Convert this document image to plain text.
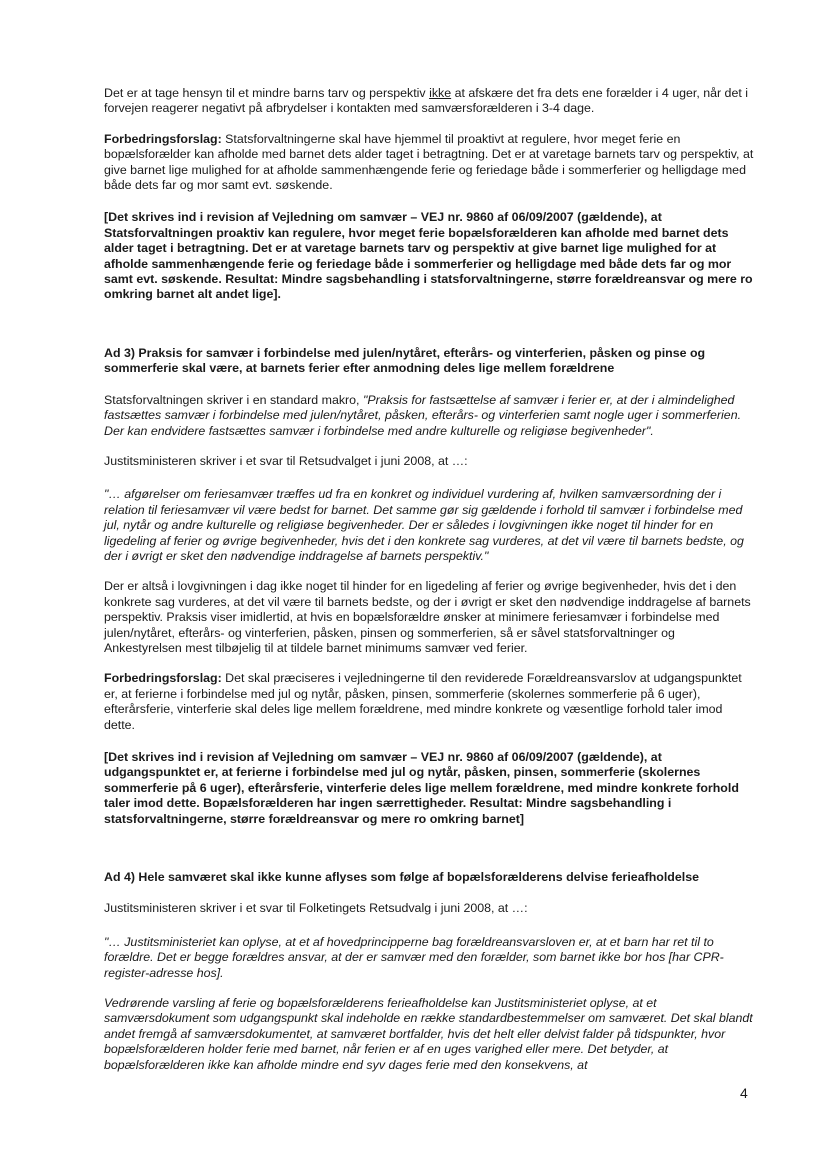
Det er at tage hensyn til et mindre barns tarv og perspektiv ikke at afskære det fra dets ene forælder i 4 uger, når det i forvejen reagerer negativt på afbrydelser i kontakten med samværsforælderen i 3-4 dage.

Forbedringsforslag: Statsforvaltningerne skal have hjemmel til proaktivt at regulere, hvor meget ferie en bopælsforælder kan afholde med barnet dets alder taget i betragtning. Det er at varetage barnets tarv og perspektiv, at give barnet lige mulighed for at afholde sammenhængende ferie og feriedage både i sommerferier og helligdage med både dets far og mor samt evt. søskende.

[Det skrives ind i revision af Vejledning om samvær – VEJ nr. 9860 af 06/09/2007 (gældende), at Statsforvaltningen proaktiv kan regulere, hvor meget ferie bopælsforælderen kan afholde med barnet dets alder taget i betragtning. Det er at varetage barnets tarv og perspektiv at give barnet lige mulighed for at afholde sammenhængende ferie og feriedage både i sommerferier og helligdage med både dets far og mor samt evt. søskende. Resultat: Mindre sagsbehandling i statsforvaltningerne, større forældreansvar og mere ro omkring barnet alt andet lige].

Ad 3) Praksis for samvær i forbindelse med julen/nytåret, efterårs- og vinterferien, påsken og pinse og sommerferie skal være, at barnets ferier efter anmodning deles lige mellem forældrene

Statsforvaltningen skriver i en standard makro, "Praksis for fastsættelse af samvær i ferier er, at der i almindelighed fastsættes samvær i forbindelse med julen/nytåret, påsken, efterårs- og vinterferien samt nogle uger i sommerferien. Der kan endvidere fastsættes samvær i forbindelse med andre kulturelle og religiøse begivenheder".

Justitsministeren skriver i et svar til Retsudvalget i juni 2008, at …:

"… afgørelser om feriesamvær træffes ud fra en konkret og individuel vurdering af, hvilken samværsordning der i relation til feriesamvær vil være bedst for barnet. Det samme gør sig gældende i forhold til samvær i forbindelse med jul, nytår og andre kulturelle og religiøse begivenheder. Der er således i lovgivningen ikke noget til hinder for en ligedeling af ferier og øvrige begivenheder, hvis det i den konkrete sag vurderes, at det vil være til barnets bedste, og der i øvrigt er sket den nødvendige inddragelse af barnets perspektiv."

Der er altså i lovgivningen i dag ikke noget til hinder for en ligedeling af ferier og øvrige begivenheder, hvis det i den konkrete sag vurderes, at det vil være til barnets bedste, og der i øvrigt er sket den nødvendige inddragelse af barnets perspektiv. Praksis viser imidlertid, at hvis en bopælsforældre ønsker at minimere feriesamvær i forbindelse med julen/nytåret, efterårs- og vinterferien, påsken, pinsen og sommerferien, så er såvel statsforvaltninger og Ankestyrelsen mest tilbøjelig til at tildele barnet minimums samvær ved ferier.

Forbedringsforslag: Det skal præciseres i vejledningerne til den reviderede Forældreansvarslov at udgangspunktet er, at ferierne i forbindelse med jul og nytår, påsken, pinsen, sommerferie (skolernes sommerferie på 6 uger), efterårsferie, vinterferie skal deles lige mellem forældrene, med mindre konkrete og væsentlige forhold taler imod dette.

[Det skrives ind i revision af Vejledning om samvær – VEJ nr. 9860 af 06/09/2007 (gældende), at udgangspunktet er, at ferierne i forbindelse med jul og nytår, påsken, pinsen, sommerferie (skolernes sommerferie på 6 uger), efterårsferie, vinterferie deles lige mellem forældrene, med mindre konkrete forhold taler imod dette. Bopælsforælderen har ingen særrettigheder. Resultat: Mindre sagsbehandling i statsforvaltningerne, større forældreansvar og mere ro omkring barnet]

Ad 4) Hele samværet skal ikke kunne aflyses som følge af bopælsforælderens delvise ferieafholdelse

Justitsministeren skriver i et svar til Folketingets Retsudvalg i juni 2008, at …:

"… Justitsministeriet kan oplyse, at et af hovedprincipperne bag forældreansvarsloven er, at et barn har ret til to forældre. Det er begge forældres ansvar, at der er samvær med den forælder, som barnet ikke bor hos [har CPR-register-adresse hos].

Vedrørende varsling af ferie og bopælsforælderens ferieafholdelse kan Justitsministeriet oplyse, at et samværsdokument som udgangspunkt skal indeholde en række standardbestemmelser om samværet. Det skal blandt andet fremgå af samværsdokumentet, at samværet bortfalder, hvis det helt eller delvist falder på tidspunkter, hvor bopælsforælderen holder ferie med barnet, når ferien er af en uges varighed eller mere. Det betyder, at bopælsforælderen ikke kan afholde mindre end syv dages ferie med den konsekvens, at

4
